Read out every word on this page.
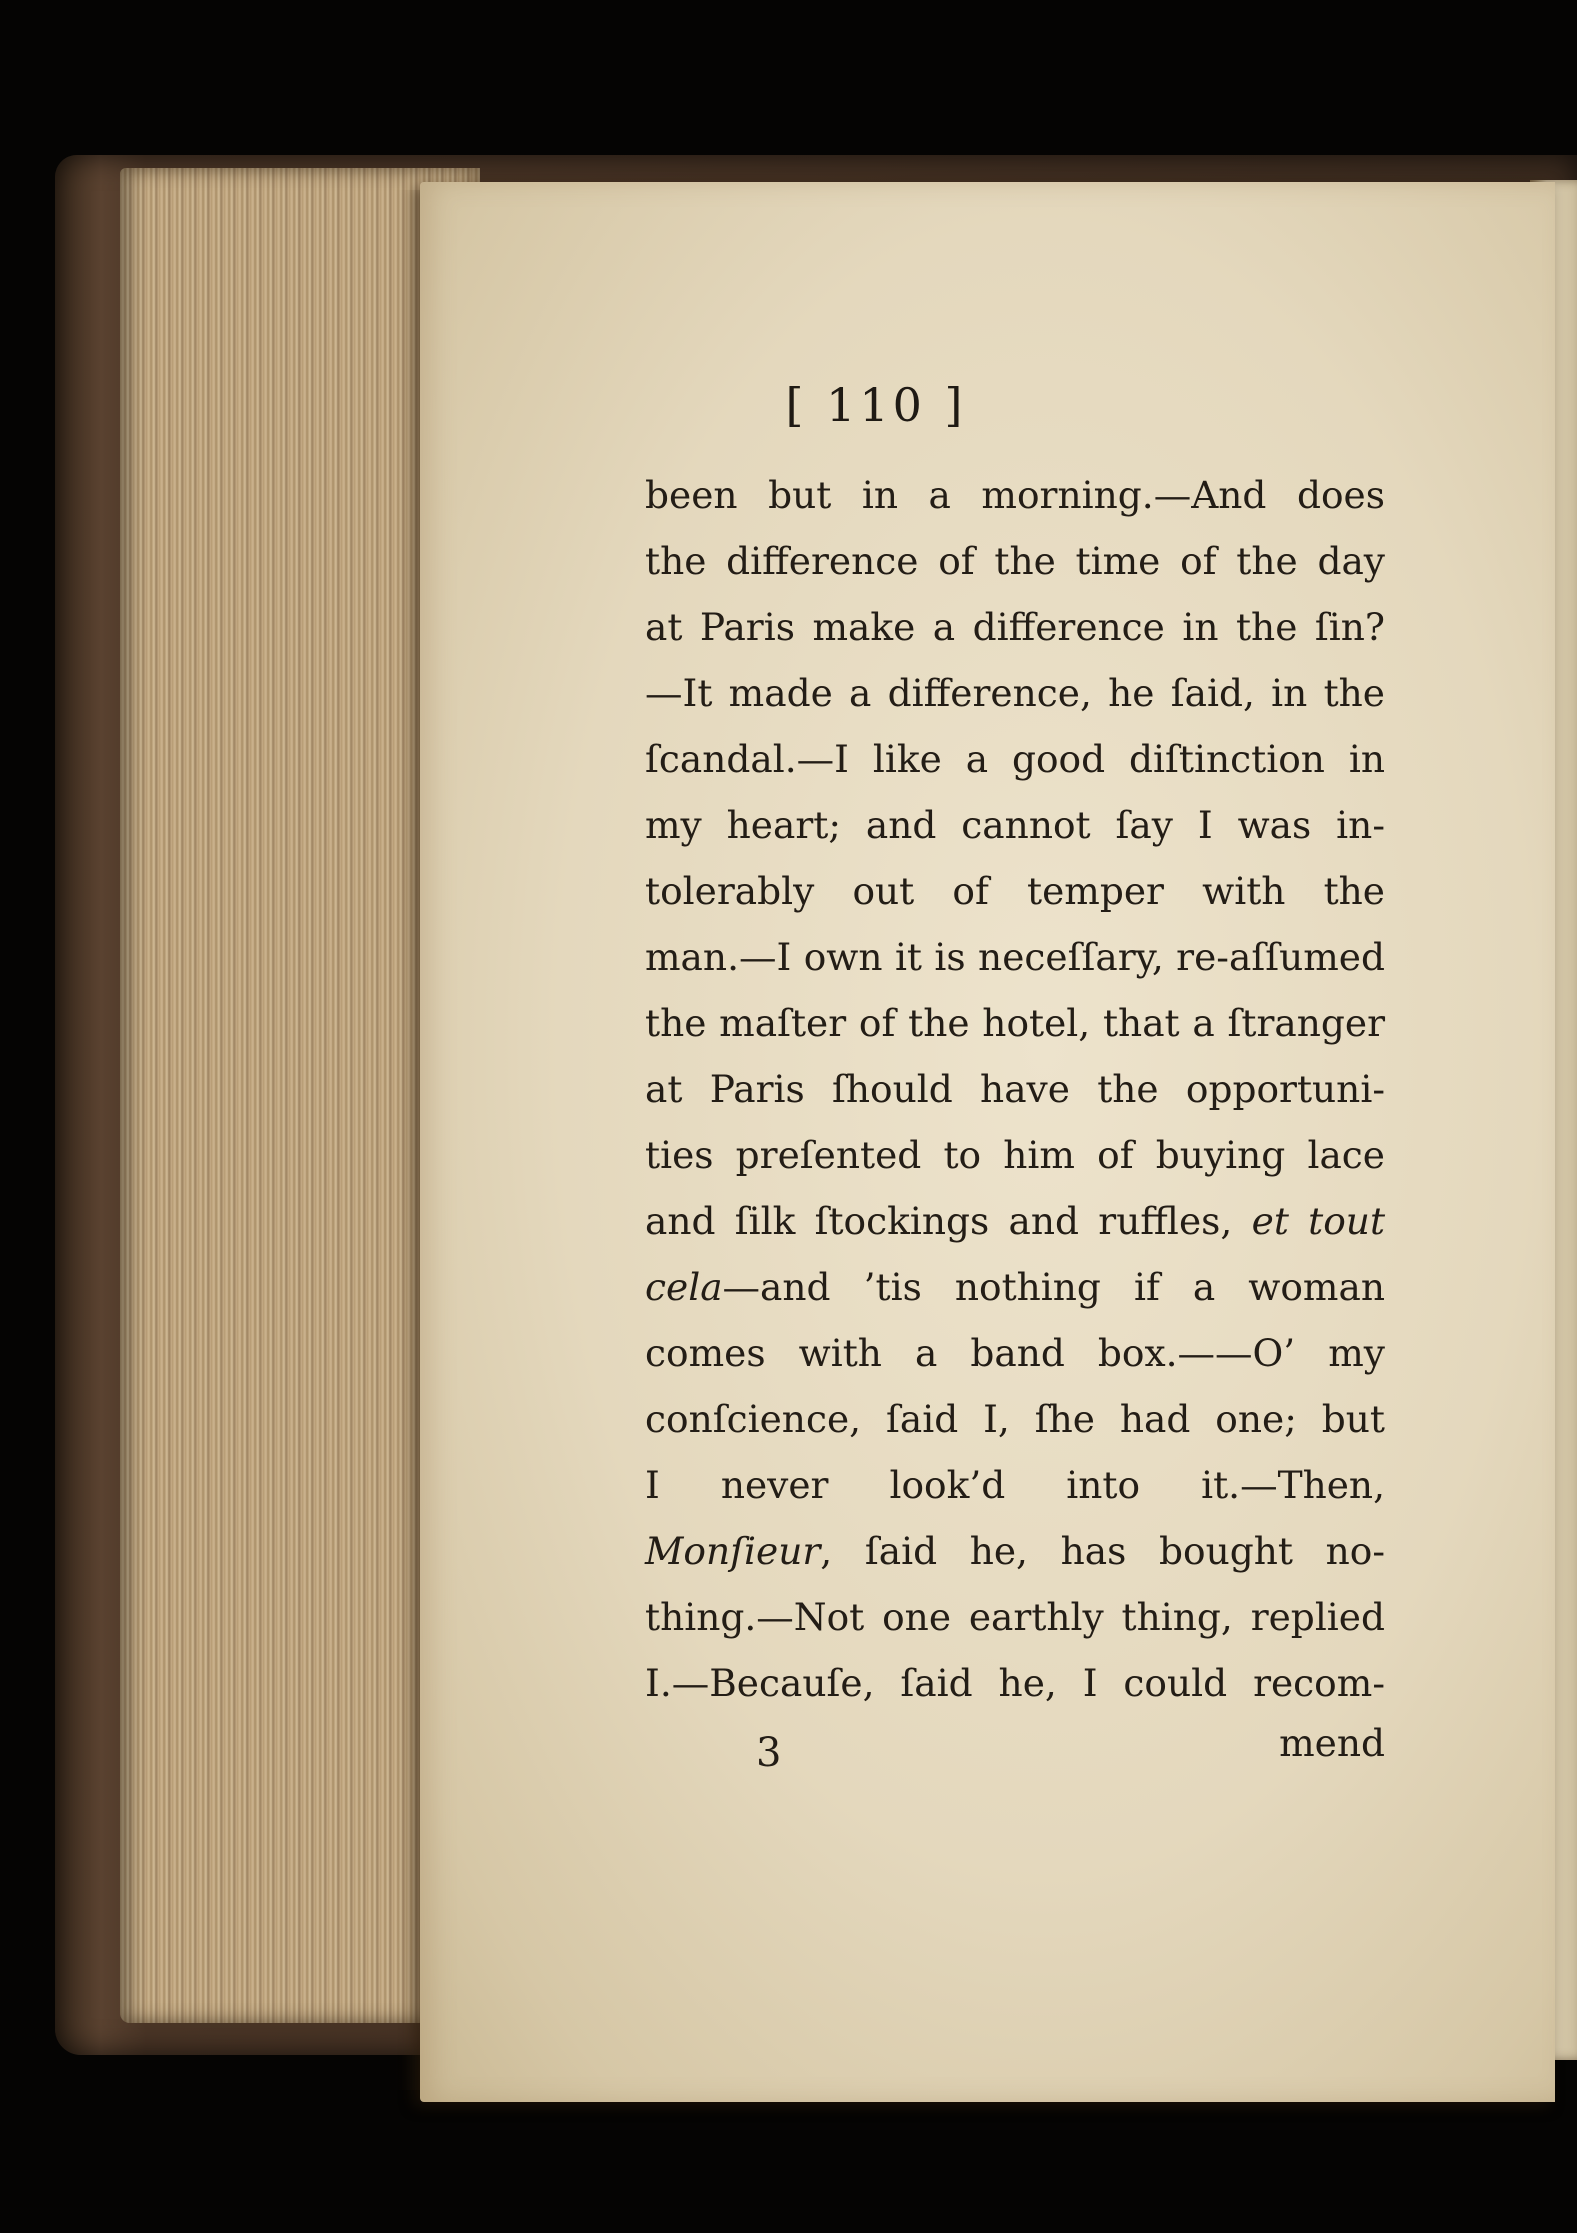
[ 110 ]
been but in a morning.—And does
the difference of the time of the day
at Paris make a difference in the ſin?
—It made a difference, he ſaid, in the
ſcandal.—I like a good diſtinction in
my heart; and cannot ſay I was in-
tolerably out of temper with the
man.—I own it is neceſſary, re-aſſumed
the maſter of the hotel, that a ſtranger
at Paris ſhould have the opportuni-
ties preſented to him of buying lace
and ſilk ſtockings and ruffles, et tout
cela—and ’tis nothing if a woman
comes with a band box.——O’ my
conſcience, ſaid I, ſhe had one; but
I never look’d into it.—Then,
Monſieur, ſaid he, has bought no-
thing.—Not one earthly thing, replied
I.—Becauſe, ſaid he, I could recom-
mend
3
